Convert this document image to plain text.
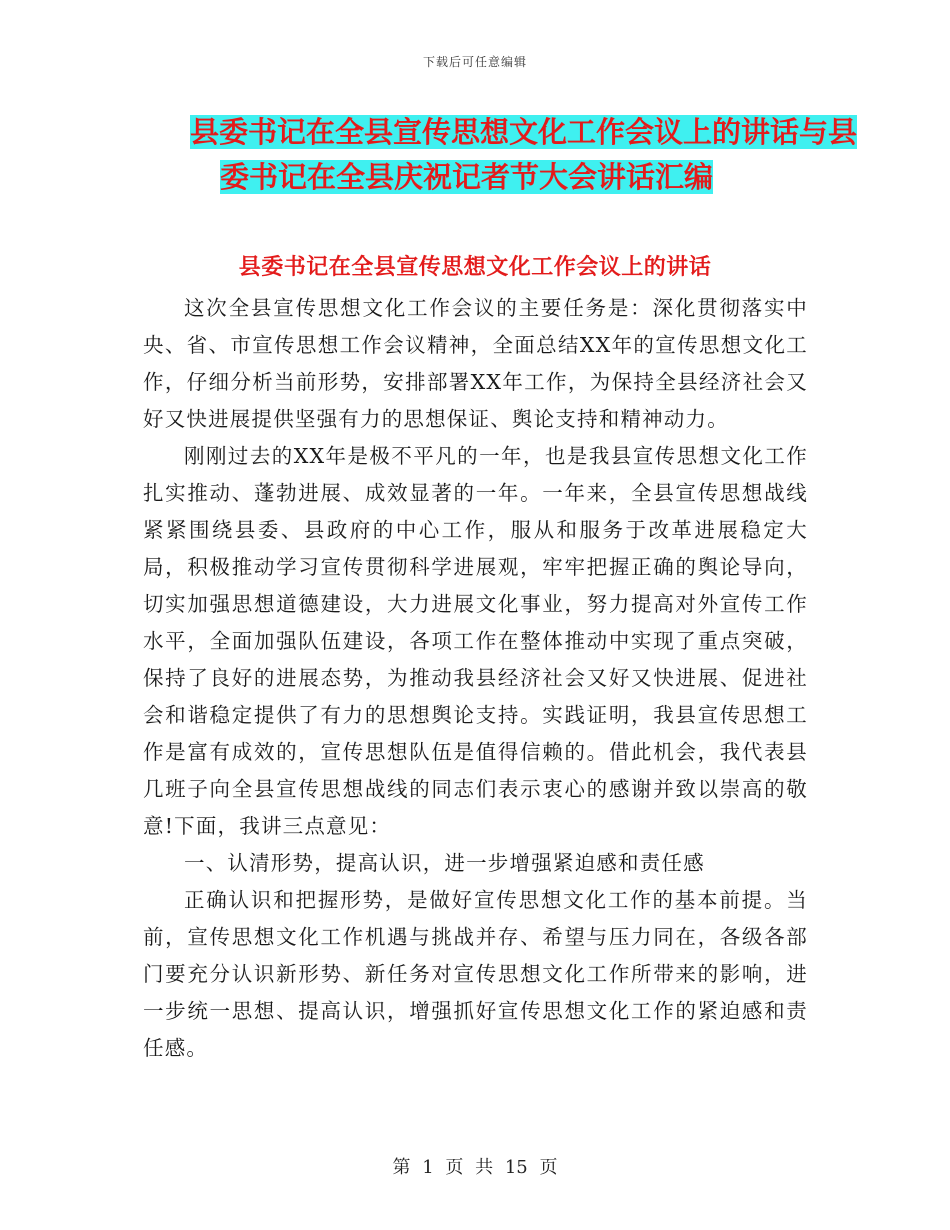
下载后可任意编辑
县委书记在全县宣传思想文化工作会议上的讲话与县
委书记在全县庆祝记者节大会讲话汇编
县委书记在全县宣传思想文化工作会议上的讲话

这次全县宣传思想文化工作会议的主要任务是：深化贯彻落实中央、省、市宣传思想工作会议精神，全面总结XX年的宣传思想文化工作，仔细分析当前形势，安排部署XX年工作，为保持全县经济社会又好又快进展提供坚强有力的思想保证、舆论支持和精神动力。

刚刚过去的XX年是极不平凡的一年，也是我县宣传思想文化工作扎实推动、蓬勃进展、成效显著的一年。一年来，全县宣传思想战线紧紧围绕县委、县政府的中心工作，服从和服务于改革进展稳定大局，积极推动学习宣传贯彻科学进展观，牢牢把握正确的舆论导向，切实加强思想道德建设，大力进展文化事业，努力提高对外宣传工作水平，全面加强队伍建设，各项工作在整体推动中实现了重点突破，保持了良好的进展态势，为推动我县经济社会又好又快进展、促进社会和谐稳定提供了有力的思想舆论支持。实践证明，我县宣传思想工作是富有成效的，宣传思想队伍是值得信赖的。借此机会，我代表县几班子向全县宣传思想战线的同志们表示衷心的感谢并致以崇高的敬意!下面，我讲三点意见：

一、认清形势，提高认识，进一步增强紧迫感和责任感

正确认识和把握形势，是做好宣传思想文化工作的基本前提。当前，宣传思想文化工作机遇与挑战并存、希望与压力同在，各级各部门要充分认识新形势、新任务对宣传思想文化工作所带来的影响，进一步统一思想、提高认识，增强抓好宣传思想文化工作的紧迫感和责任感。

第 1 页 共 15 页
